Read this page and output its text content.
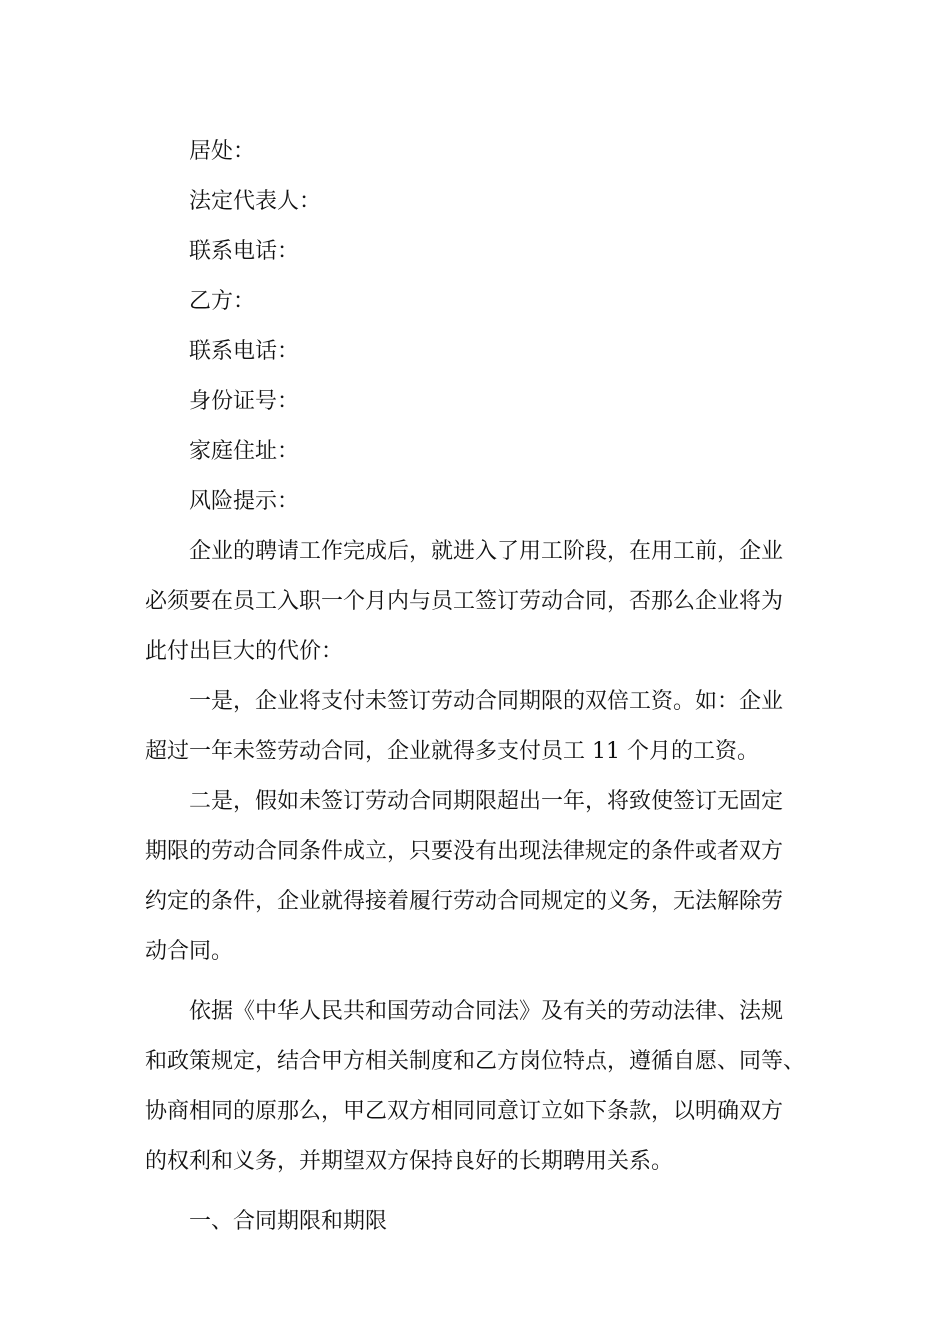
居处：
法定代表人：
联系电话：
乙方：
联系电话：
身份证号：
家庭住址：
风险提示：
企业的聘请工作完成后，就进入了用工阶段，在用工前，企业
必须要在员工入职一个月内与员工签订劳动合同，否那么企业将为
此付出巨大的代价：
一是，企业将支付未签订劳动合同期限的双倍工资。如：企业
超过一年未签劳动合同，企业就得多支付员工 11 个月的工资。
二是，假如未签订劳动合同期限超出一年，将致使签订无固定
期限的劳动合同条件成立，只要没有出现法律规定的条件或者双方
约定的条件，企业就得接着履行劳动合同规定的义务，无法解除劳
动合同。
依据《中华人民共和国劳动合同法》及有关的劳动法律、法规
和政策规定，结合甲方相关制度和乙方岗位特点，遵循自愿、同等、
协商相同的原那么，甲乙双方相同同意订立如下条款，以明确双方
的权利和义务，并期望双方保持良好的长期聘用关系。
一、合同期限和期限
